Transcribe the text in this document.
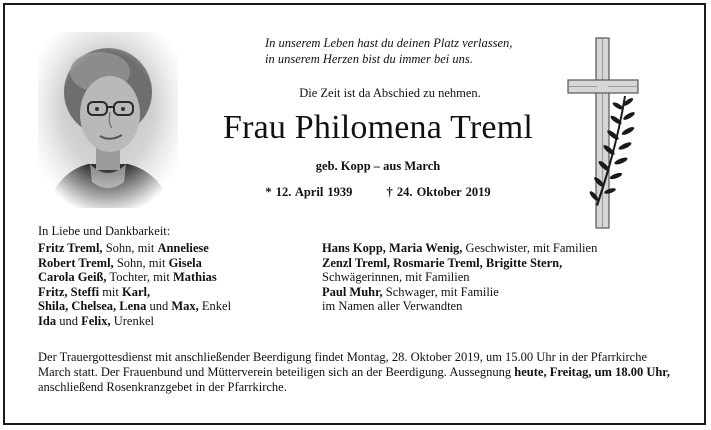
In unserem Leben hast du deinen Platz verlassen,
in unserem Herzen bist du immer bei uns.
Die Zeit ist da Abschied zu nehmen.
Frau Philomena Treml
geb. Kopp – aus March
* 12. April 1939	† 24. Oktober 2019
In Liebe und Dankbarkeit:
Fritz Treml, Sohn, mit Anneliese
Robert Treml, Sohn, mit Gisela
Carola Geiß, Tochter, mit Mathias
Fritz, Steffi mit Karl,
Shila, Chelsea, Lena und Max, Enkel
Ida und Felix, Urenkel
Hans Kopp, Maria Wenig, Geschwister, mit Familien
Zenzl Treml, Rosmarie Treml, Brigitte Stern,
Schwägerinnen, mit Familien
Paul Muhr, Schwager, mit Familie
im Namen aller Verwandten
Der Trauergottesdienst mit anschließender Beerdigung findet Montag, 28. Oktober 2019, um 15.00 Uhr in der Pfarrkirche March statt. Der Frauenbund und Mütterverein beteiligen sich an der Beerdigung. Aussegnung heute, Freitag, um 18.00 Uhr, anschließend Rosenkranzgebet in der Pfarrkirche.
